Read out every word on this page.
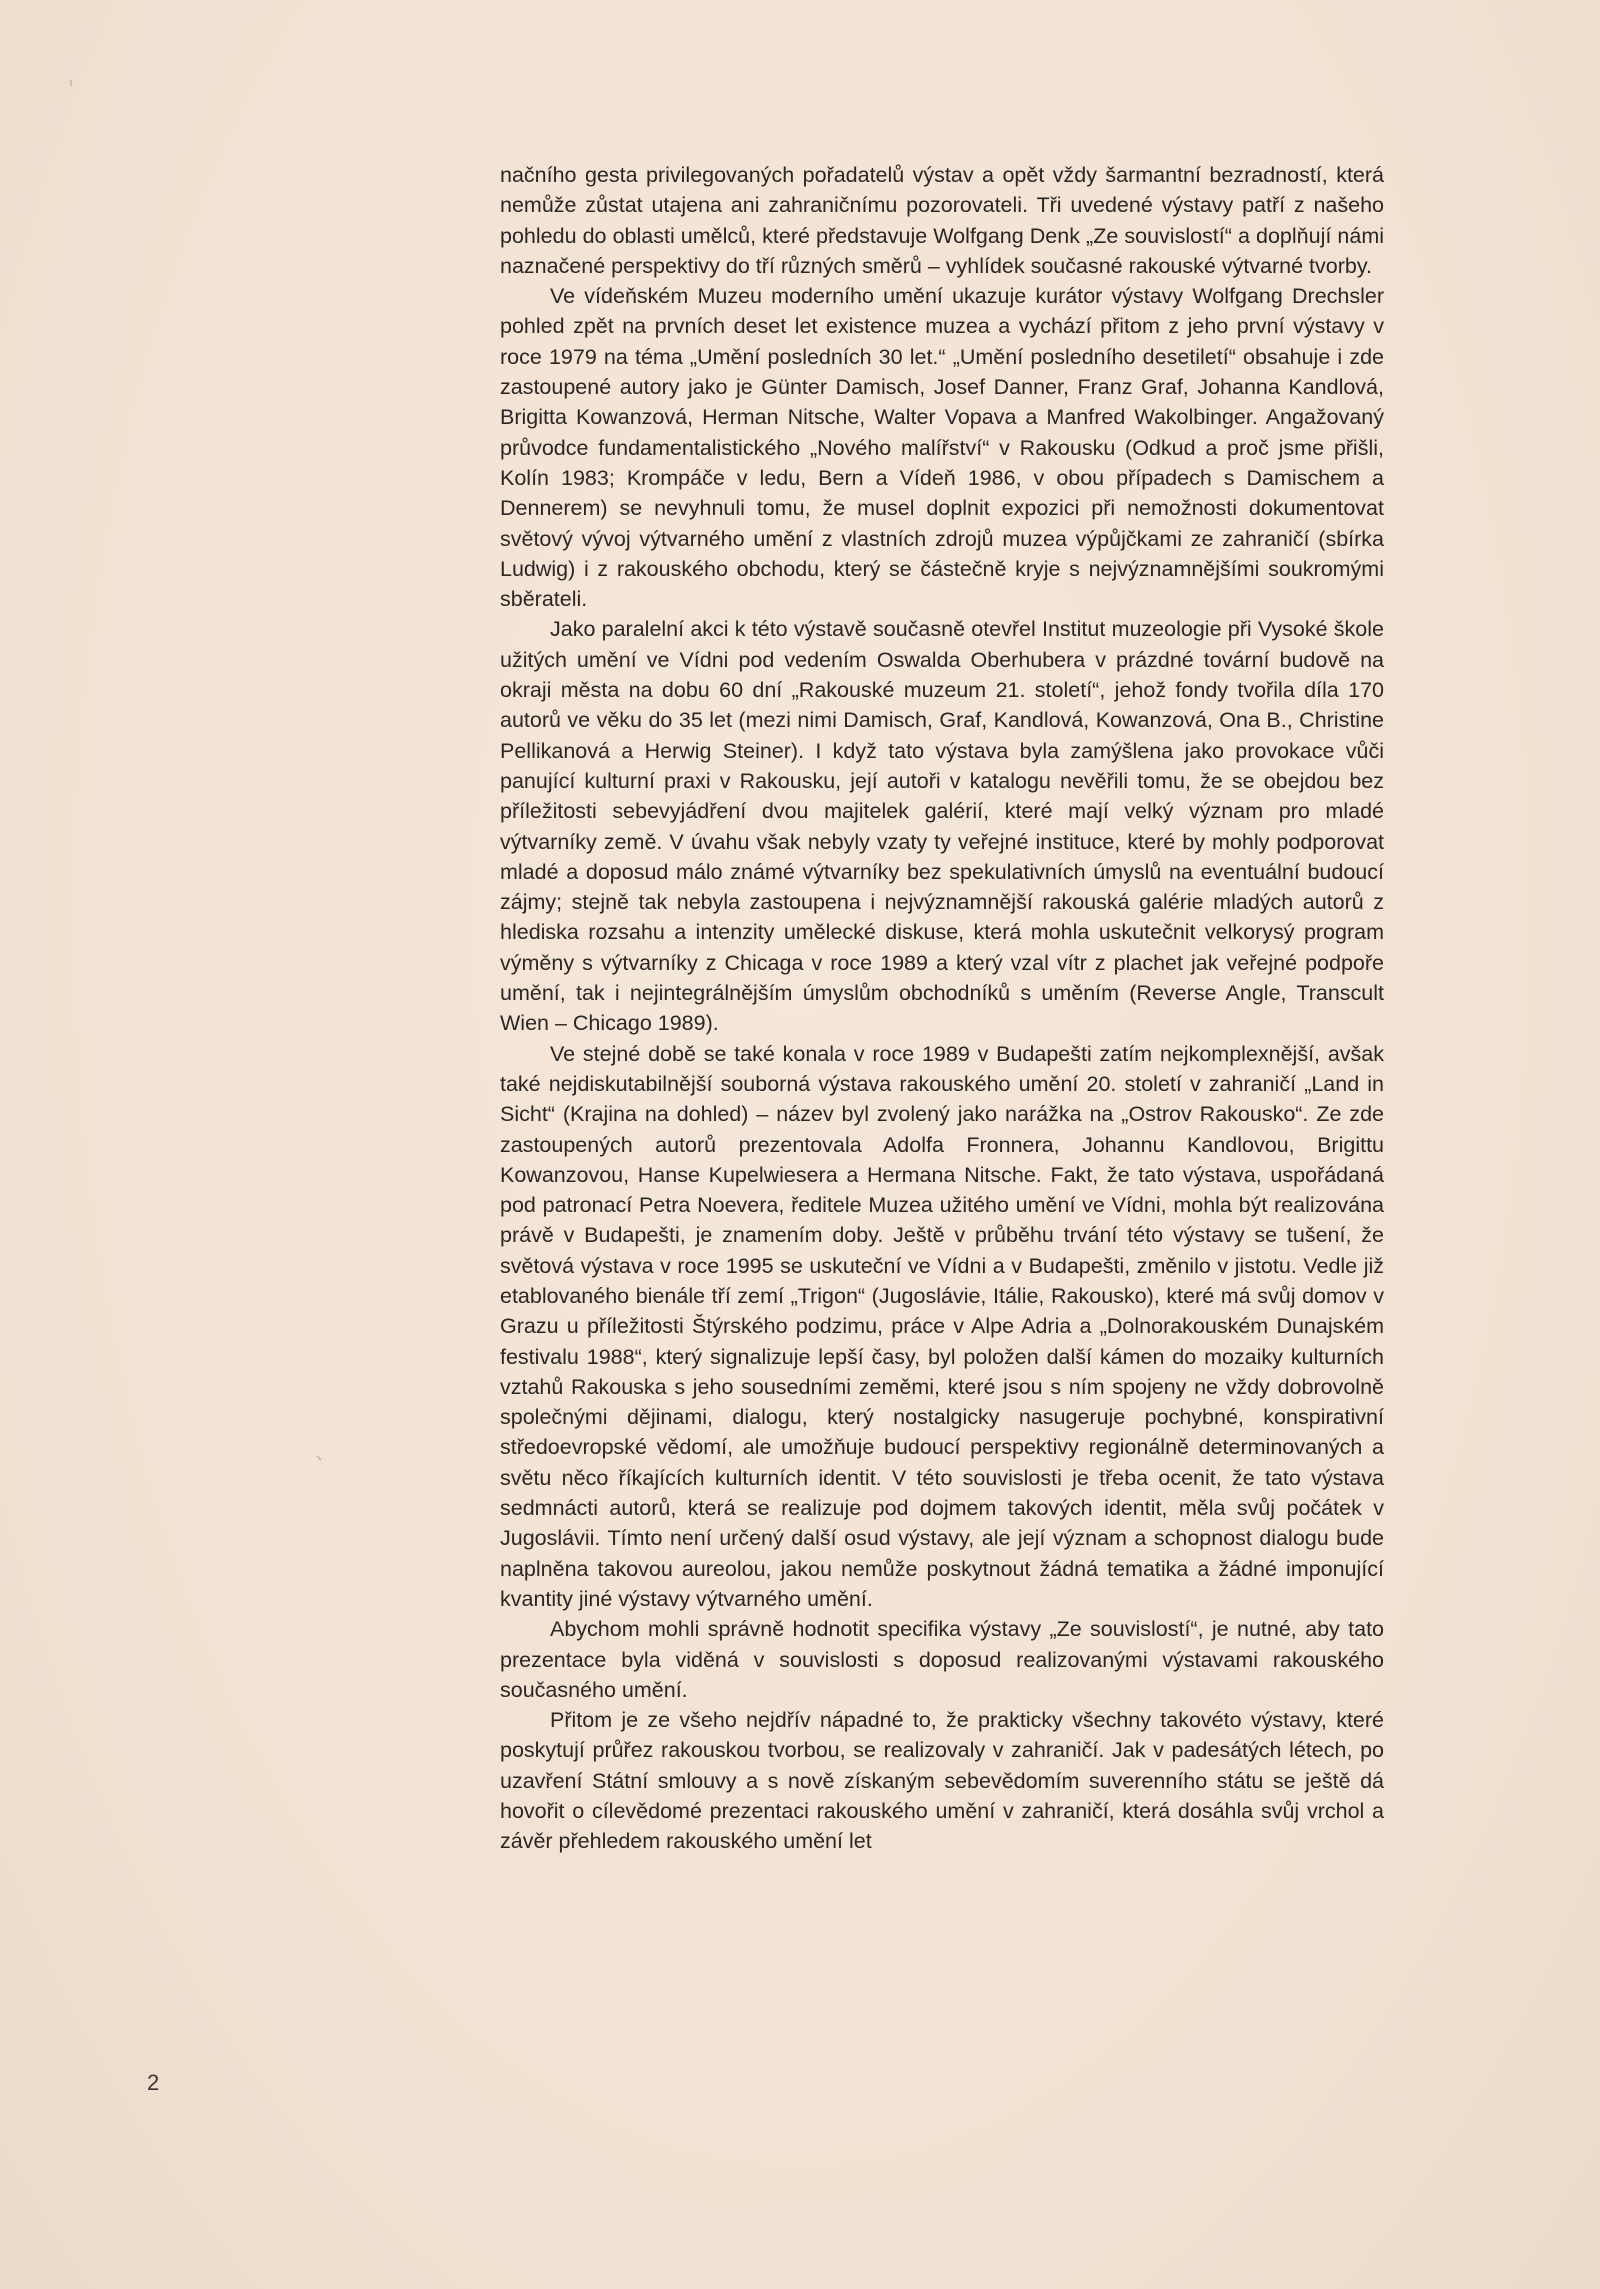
načního gesta privilegovaných pořadatelů výstav a opět vždy šarmantní bezradností, která nemůže zůstat utajena ani zahraničnímu pozorovateli. Tři uvedené výstavy patří z našeho pohledu do oblasti umělců, které představuje Wolfgang Denk „Ze souvislostí“ a doplňují námi naznačené perspektivy do tří různých směrů – vyhlídek současné rakouské výtvarné tvorby.

Ve vídeňském Muzeu moderního umění ukazuje kurátor výstavy Wolfgang Drechsler pohled zpět na prvních deset let existence muzea a vychází přitom z jeho první výstavy v roce 1979 na téma „Umění posledních 30 let.“ „Umění posledního desetiletí“ obsahuje i zde zastoupené autory jako je Günter Damisch, Josef Danner, Franz Graf, Johanna Kandlová, Brigitta Kowanzová, Herman Nitsche, Walter Vopava a Manfred Wakolbinger. Angažovaný průvodce fundamentalistického „Nového malířství“ v Rakousku (Odkud a proč jsme přišli, Kolín 1983; Krompáče v ledu, Bern a Vídeň 1986, v obou případech s Damischem a Dennerem) se nevyhnuli tomu, že musel doplnit expozici při nemožnosti dokumentovat světový vývoj výtvarného umění z vlastních zdrojů muzea výpůjčkami ze zahraničí (sbírka Ludwig) i z rakouského obchodu, který se částečně kryje s nejvýznamnějšími soukromými sběrateli.

Jako paralelní akci k této výstavě současně otevřel Institut muzeologie při Vysoké škole užitých umění ve Vídni pod vedením Oswalda Oberhubera v prázdné tovární budově na okraji města na dobu 60 dní „Rakouské muzeum 21. století“, jehož fondy tvořila díla 170 autorů ve věku do 35 let (mezi nimi Damisch, Graf, Kandlová, Kowanzová, Ona B., Christine Pellikanová a Herwig Steiner). I když tato výstava byla zamýšlena jako provokace vůči panující kulturní praxi v Rakousku, její autoři v katalogu nevěřili tomu, že se obejdou bez příležitosti sebevyjádření dvou majitelek galérií, které mají velký význam pro mladé výtvarníky země. V úvahu však nebyly vzaty ty veřejné instituce, které by mohly podporovat mladé a doposud málo známé výtvarníky bez spekulativních úmyslů na eventuální budoucí zájmy; stejně tak nebyla zastoupena i nejvýznamnější rakouská galérie mladých autorů z hlediska rozsahu a intenzity umělecké diskuse, která mohla uskutečnit velkorysý program výměny s výtvarníky z Chicaga v roce 1989 a který vzal vítr z plachet jak veřejné podpoře umění, tak i nejintegrálnějším úmyslům obchodníků s uměním (Reverse Angle, Transcult Wien – Chicago 1989).

Ve stejné době se také konala v roce 1989 v Budapešti zatím nejkomplexnější, avšak také nejdiskutabilnější souborná výstava rakouského umění 20. století v zahraničí „Land in Sicht“ (Krajina na dohled) – název byl zvolený jako narážka na „Ostrov Rakousko“. Ze zde zastoupených autorů prezentovala Adolfa Fronnera, Johannu Kandlovou, Brigittu Kowanzovou, Hanse Kupelwiesera a Hermana Nitsche. Fakt, že tato výstava, uspořádaná pod patronací Petra Noevera, ředitele Muzea užitého umění ve Vídni, mohla být realizována právě v Budapešti, je znamením doby. Ještě v průběhu trvání této výstavy se tušení, že světová výstava v roce 1995 se uskuteční ve Vídni a v Budapešti, změnilo v jistotu. Vedle již etablovaného bienále tří zemí „Trigon“ (Jugoslávie, Itálie, Rakousko), které má svůj domov v Grazu u příležitosti Štýrského podzimu, práce v Alpe Adria a „Dolnorakouském Dunajském festivalu 1988“, který signalizuje lepší časy, byl položen další kámen do mozaiky kulturních vztahů Rakouska s jeho sousedními zeměmi, které jsou s ním spojeny ne vždy dobrovolně společnými dějinami, dialogu, který nostalgicky nasugeruje pochybné, konspirativní středoevropské vědomí, ale umožňuje budoucí perspektivy regionálně determinovaných a světu něco říkajících kulturních identit. V této souvislosti je třeba ocenit, že tato výstava sedmnácti autorů, která se realizuje pod dojmem takových identit, měla svůj počátek v Jugoslávii. Tímto není určený další osud výstavy, ale její význam a schopnost dialogu bude naplněna takovou aureolou, jakou nemůže poskytnout žádná tematika a žádné imponující kvantity jiné výstavy výtvarného umění.

Abychom mohli správně hodnotit specifika výstavy „Ze souvislostí“, je nutné, aby tato prezentace byla viděná v souvislosti s doposud realizovanými výstavami rakouského současného umění.

Přitom je ze všeho nejdřív nápadné to, že prakticky všechny takovéto výstavy, které poskytují průřez rakouskou tvorbou, se realizovaly v zahraničí. Jak v padesátých létech, po uzavření Státní smlouvy a s nově získaným sebevědomím suverenního státu se ještě dá hovořit o cílevědomé prezentaci rakouského umění v zahraničí, která dosáhla svůj vrchol a závěr přehledem rakouského umění let

2
